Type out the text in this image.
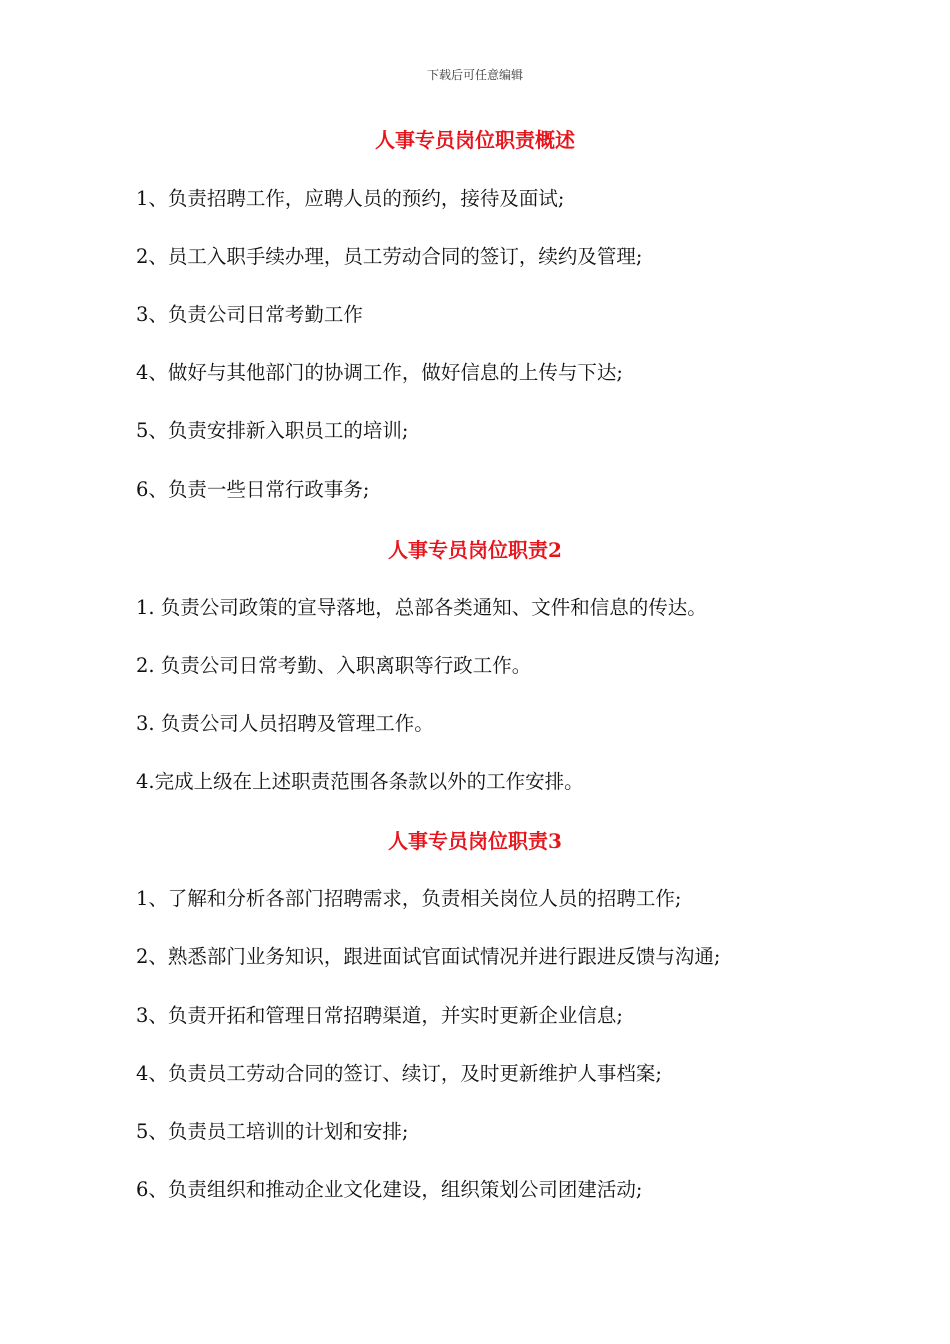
下载后可任意编辑
人事专员岗位职责概述
1、负责招聘工作，应聘人员的预约，接待及面试;
2、员工入职手续办理，员工劳动合同的签订，续约及管理;
3、负责公司日常考勤工作
4、做好与其他部门的协调工作，做好信息的上传与下达;
5、负责安排新入职员工的培训;
6、负责一些日常行政事务;
人事专员岗位职责2
1. 负责公司政策的宣导落地，总部各类通知、文件和信息的传达。
2. 负责公司日常考勤、入职离职等行政工作。
3. 负责公司人员招聘及管理工作。
4.完成上级在上述职责范围各条款以外的工作安排。
人事专员岗位职责3
1、了解和分析各部门招聘需求，负责相关岗位人员的招聘工作;
2、熟悉部门业务知识，跟进面试官面试情况并进行跟进反馈与沟通;
3、负责开拓和管理日常招聘渠道，并实时更新企业信息;
4、负责员工劳动合同的签订、续订，及时更新维护人事档案;
5、负责员工培训的计划和安排;
6、负责组织和推动企业文化建设，组织策划公司团建活动;
